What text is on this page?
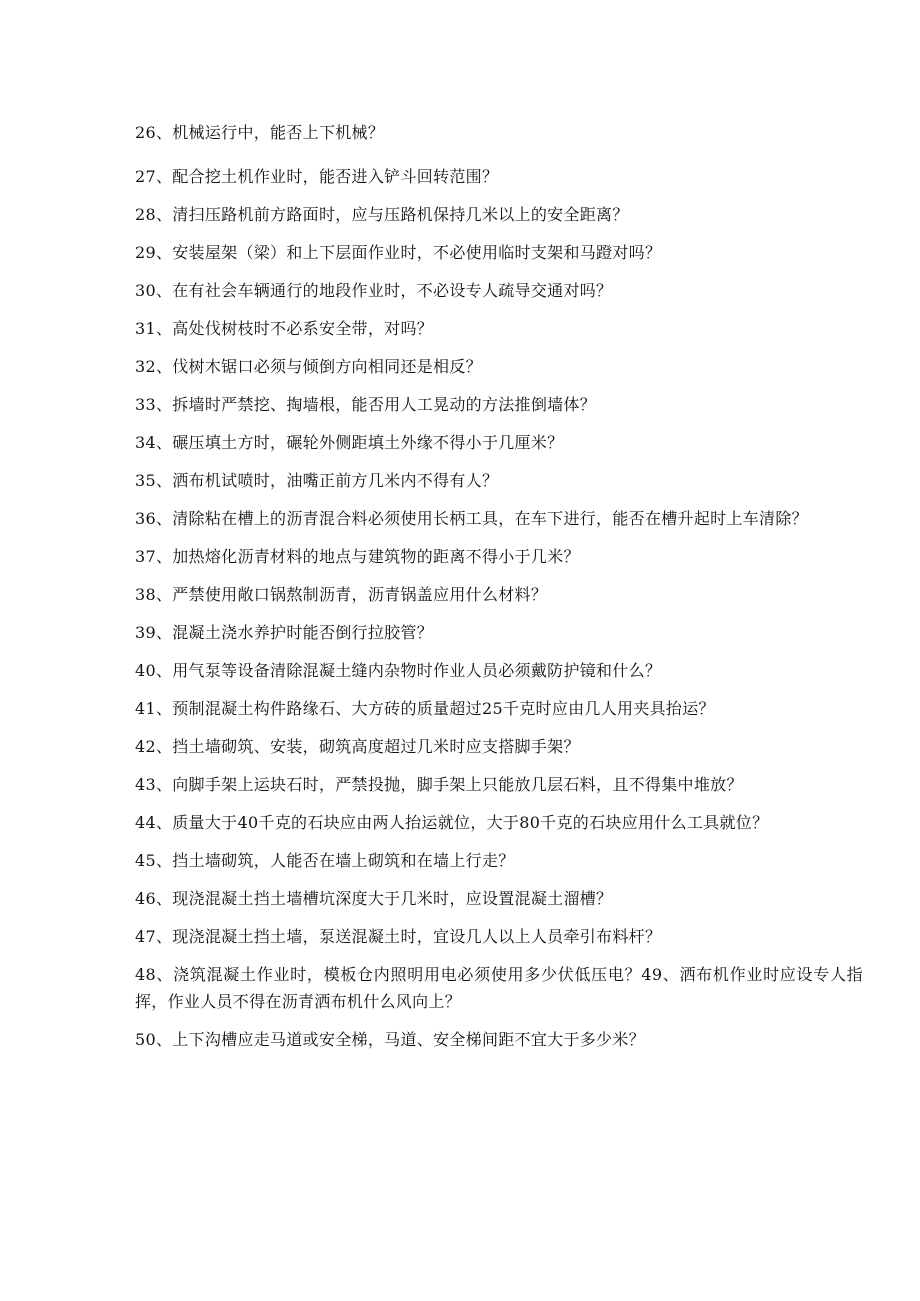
26、机械运行中，能否上下机械？

27、配合挖土机作业时，能否进入铲斗回转范围？

28、清扫压路机前方路面时，应与压路机保持几米以上的安全距离？

29、安装屋架（梁）和上下层面作业时，不必使用临时支架和马蹬对吗？

30、在有社会车辆通行的地段作业时，不必设专人疏导交通对吗？

31、高处伐树枝时不必系安全带，对吗？

32、伐树木锯口必须与倾倒方向相同还是相反？

33、拆墙时严禁挖、掏墙根，能否用人工晃动的方法推倒墙体？

34、碾压填土方时，碾轮外侧距填土外缘不得小于几厘米？

35、洒布机试喷时，油嘴正前方几米内不得有人？

36、清除粘在槽上的沥青混合料必须使用长柄工具，在车下进行，能否在槽升起时上车清除？

37、加热熔化沥青材料的地点与建筑物的距离不得小于几米？

38、严禁使用敞口锅熬制沥青，沥青锅盖应用什么材料？

39、混凝土浇水养护时能否倒行拉胶管？

40、用气泵等设备清除混凝土缝内杂物时作业人员必须戴防护镜和什么？

41、预制混凝土构件路缘石、大方砖的质量超过25千克时应由几人用夹具抬运？

42、挡土墙砌筑、安装，砌筑高度超过几米时应支搭脚手架？

43、向脚手架上运块石时，严禁投抛，脚手架上只能放几层石料，且不得集中堆放？

44、质量大于40千克的石块应由两人抬运就位，大于80千克的石块应用什么工具就位？

45、挡土墙砌筑，人能否在墙上砌筑和在墙上行走？

46、现浇混凝土挡土墙槽坑深度大于几米时，应设置混凝土溜槽？

47、现浇混凝土挡土墙，泵送混凝土时，宜设几人以上人员牵引布料杆？

48、浇筑混凝土作业时，模板仓内照明用电必须使用多少伏低压电？49、洒布机作业时应设专人指挥，作业人员不得在沥青洒布机什么风向上？

50、上下沟槽应走马道或安全梯，马道、安全梯间距不宜大于多少米？
